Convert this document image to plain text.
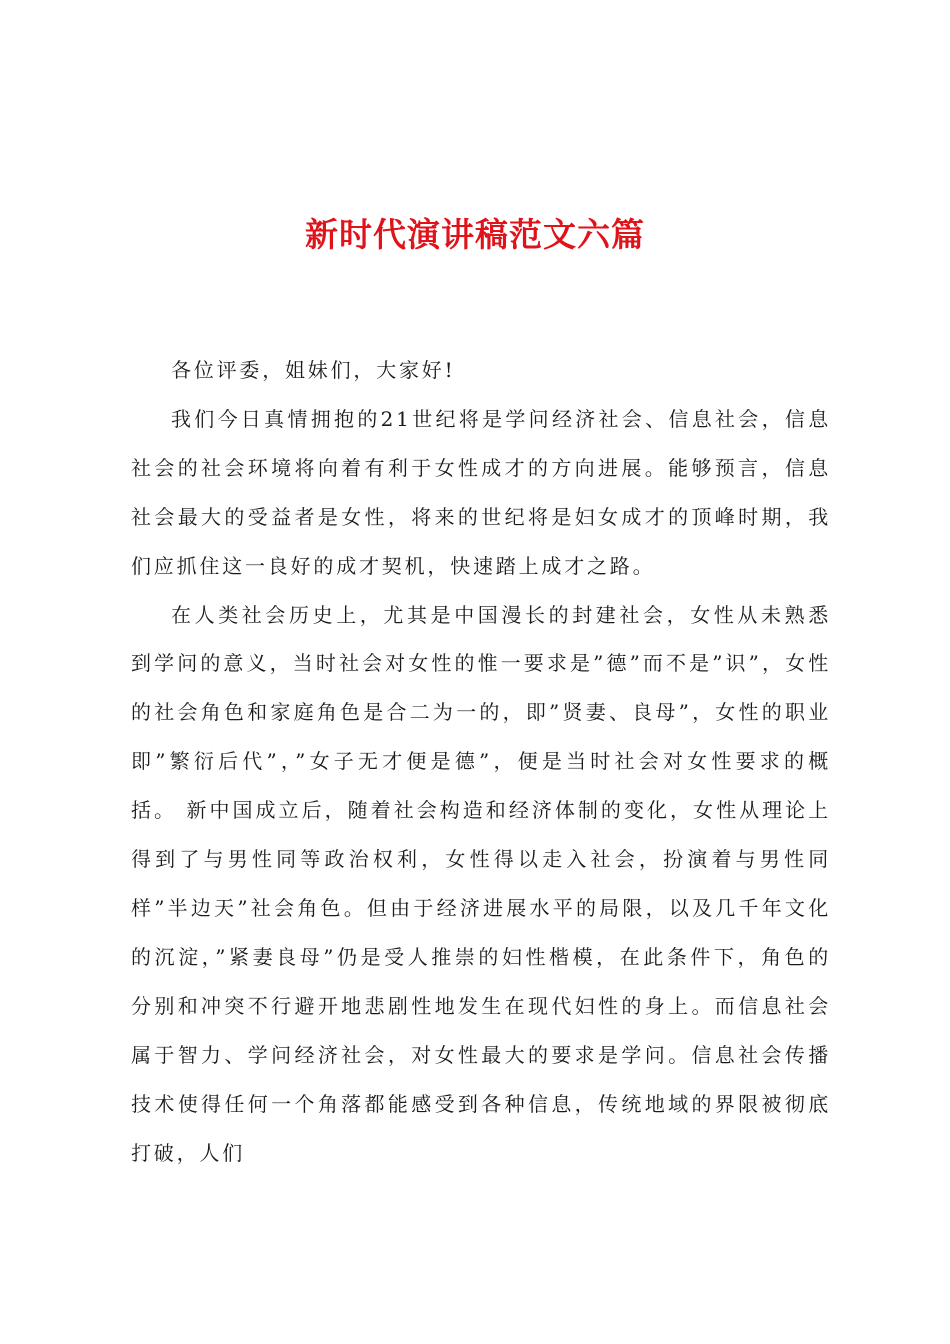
新时代演讲稿范文六篇

各位评委，姐妹们，大家好!

我们今日真情拥抱的21世纪将是学问经济社会、信息社会，信息社会的社会环境将向着有利于女性成才的方向进展。能够预言，信息社会最大的受益者是女性，将来的世纪将是妇女成才的顶峰时期，我们应抓住这一良好的成才契机，快速踏上成才之路。

在人类社会历史上，尤其是中国漫长的封建社会，女性从未熟悉到学问的意义，当时社会对女性的惟一要求是”德”而不是”识”，女性的社会角色和家庭角色是合二为一的，即”贤妻、良母”，女性的职业即”繁衍后代”，”女子无才便是德”，便是当时社会对女性要求的概括。 新中国成立后，随着社会构造和经济体制的变化，女性从理论上得到了与男性同等政治权利，女性得以走入社会，扮演着与男性同样”半边天”社会角色。但由于经济进展水平的局限，以及几千年文化的沉淀，”紧妻良母”仍是受人推崇的妇性楷模，在此条件下，角色的分别和冲突不行避开地悲剧性地发生在现代妇性的身上。而信息社会属于智力、学问经济社会，对女性最大的要求是学问。信息社会传播技术使得任何一个角落都能感受到各种信息，传统地域的界限被彻底打破，人们
